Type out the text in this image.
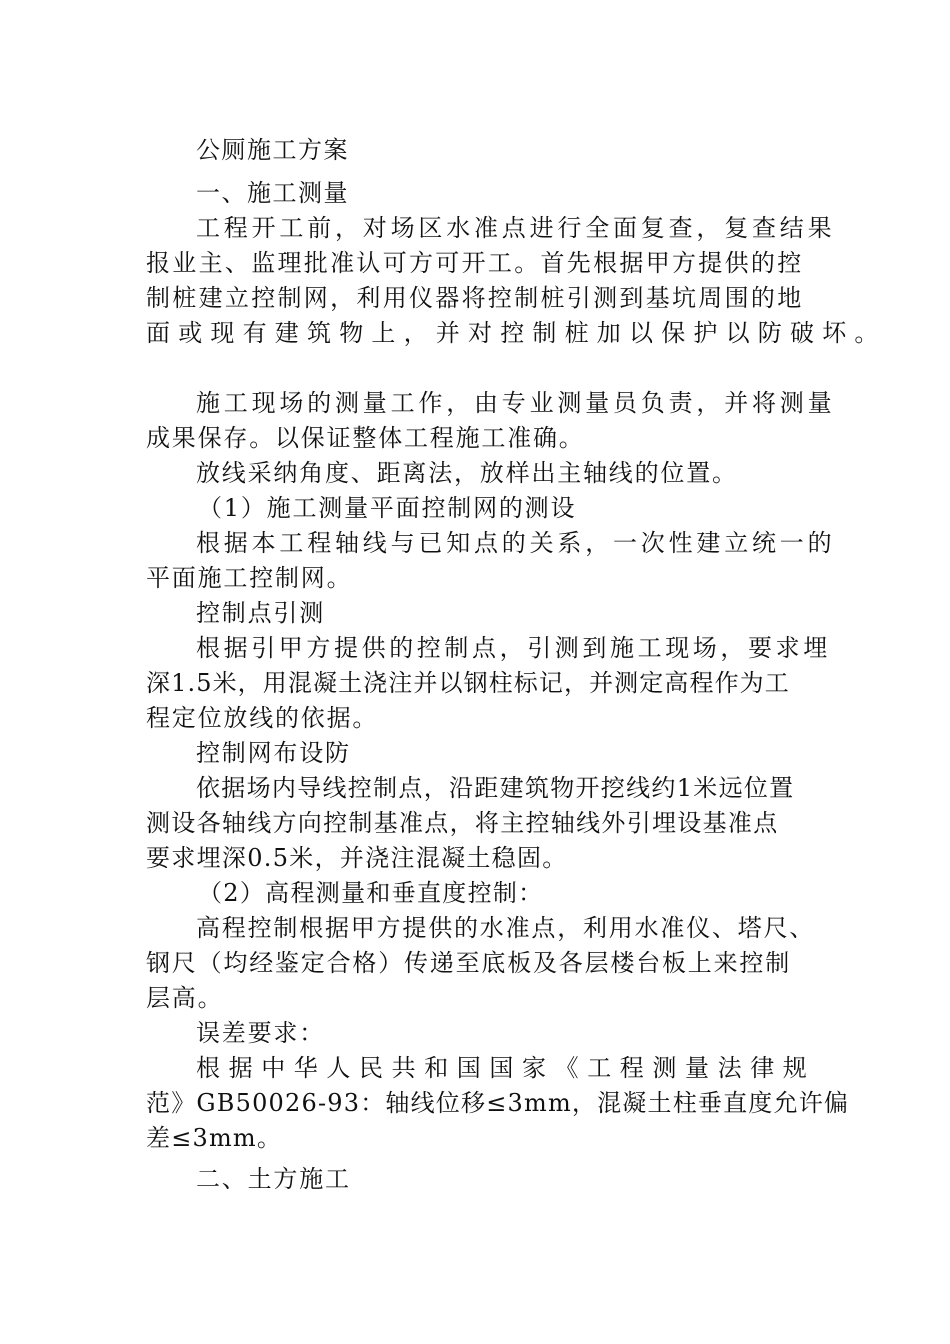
公厕施工方案
一、施工测量
工程开工前，对场区水准点进行全面复查，复查结果
报业主、监理批准认可方可开工。首先根据甲方提供的控
制桩建立控制网，利用仪器将控制桩引测到基坑周围的地
面或现有建筑物上，并对控制桩加以保护以防破坏。
施工现场的测量工作，由专业测量员负责，并将测量
成果保存。以保证整体工程施工准确。
放线采纳角度、距离法，放样出主轴线的位置。
（1）施工测量平面控制网的测设
根据本工程轴线与已知点的关系，一次性建立统一的
平面施工控制网。
控制点引测
根据引甲方提供的控制点，引测到施工现场，要求埋
深1.5米，用混凝土浇注并以钢柱标记，并测定高程作为工
程定位放线的依据。
控制网布设防
依据场内导线控制点，沿距建筑物开挖线约1米远位置
测设各轴线方向控制基准点，将主控轴线外引埋设基准点
要求埋深0.5米，并浇注混凝土稳固。
（2）高程测量和垂直度控制：
高程控制根据甲方提供的水准点，利用水准仪、塔尺、
钢尺（均经鉴定合格）传递至底板及各层楼台板上来控制
层高。
误差要求：
根据中华人民共和国国家《工程测量法律规
范》GB50026-93：轴线位移≤3mm，混凝土柱垂直度允许偏
差≤3mm。
二、土方施工
